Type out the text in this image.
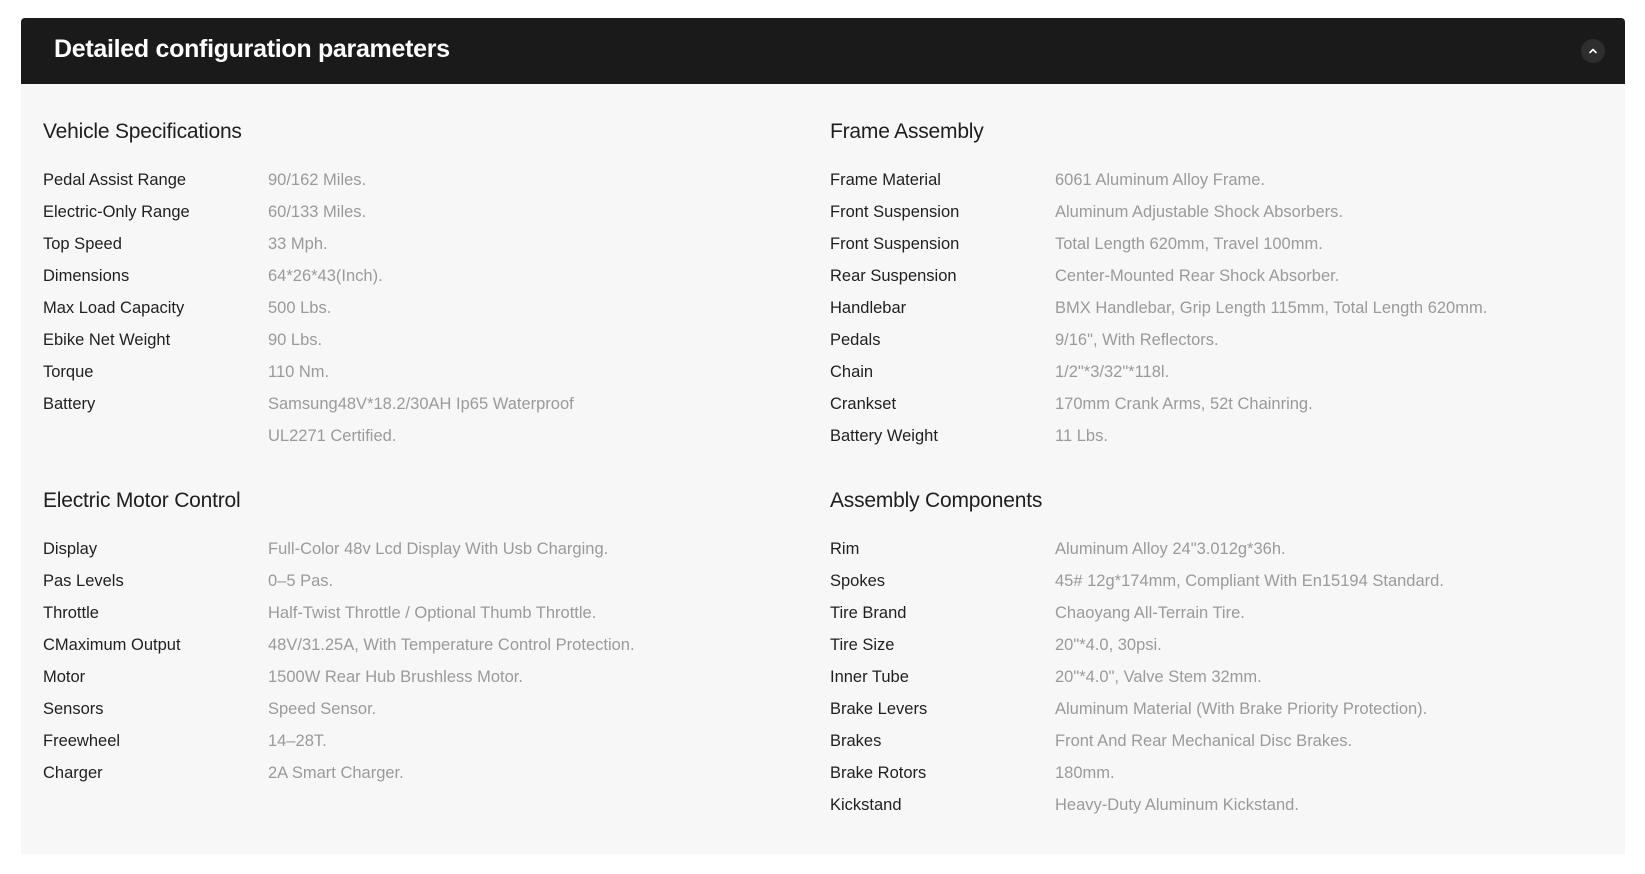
Detailed configuration parameters
Vehicle Specifications
Pedal Assist Range	90/162 Miles.
Electric-Only Range	60/133 Miles.
Top Speed	33 Mph.
Dimensions	64*26*43(Inch).
Max Load Capacity	500 Lbs.
Ebike Net Weight	90 Lbs.
Torque	110 Nm.
Battery	Samsung48V*18.2/30AH Ip65 Waterproof
UL2271 Certified.
Frame Assembly
Frame Material	6061 Aluminum Alloy Frame.
Front Suspension	Aluminum Adjustable Shock Absorbers.
Front Suspension	Total Length 620mm, Travel 100mm.
Rear Suspension	Center-Mounted Rear Shock Absorber.
Handlebar	BMX Handlebar, Grip Length 115mm, Total Length 620mm.
Pedals	9/16", With Reflectors.
Chain	1/2"*3/32"*118l.
Crankset	170mm Crank Arms, 52t Chainring.
Battery Weight	11 Lbs.
Electric Motor Control
Display	Full-Color 48v Lcd Display With Usb Charging.
Pas Levels	0–5 Pas.
Throttle	Half-Twist Throttle / Optional Thumb Throttle.
CMaximum Output	48V/31.25A, With Temperature Control Protection.
Motor	1500W Rear Hub Brushless Motor.
Sensors	Speed Sensor.
Freewheel	14–28T.
Charger	2A Smart Charger.
Assembly Components
Rim	Aluminum Alloy 24"3.012g*36h.
Spokes	45# 12g*174mm, Compliant With En15194 Standard.
Tire Brand	Chaoyang All-Terrain Tire.
Tire Size	20"*4.0, 30psi.
Inner Tube	20"*4.0", Valve Stem 32mm.
Brake Levers	Aluminum Material (With Brake Priority Protection).
Brakes	Front And Rear Mechanical Disc Brakes.
Brake Rotors	180mm.
Kickstand	Heavy-Duty Aluminum Kickstand.
